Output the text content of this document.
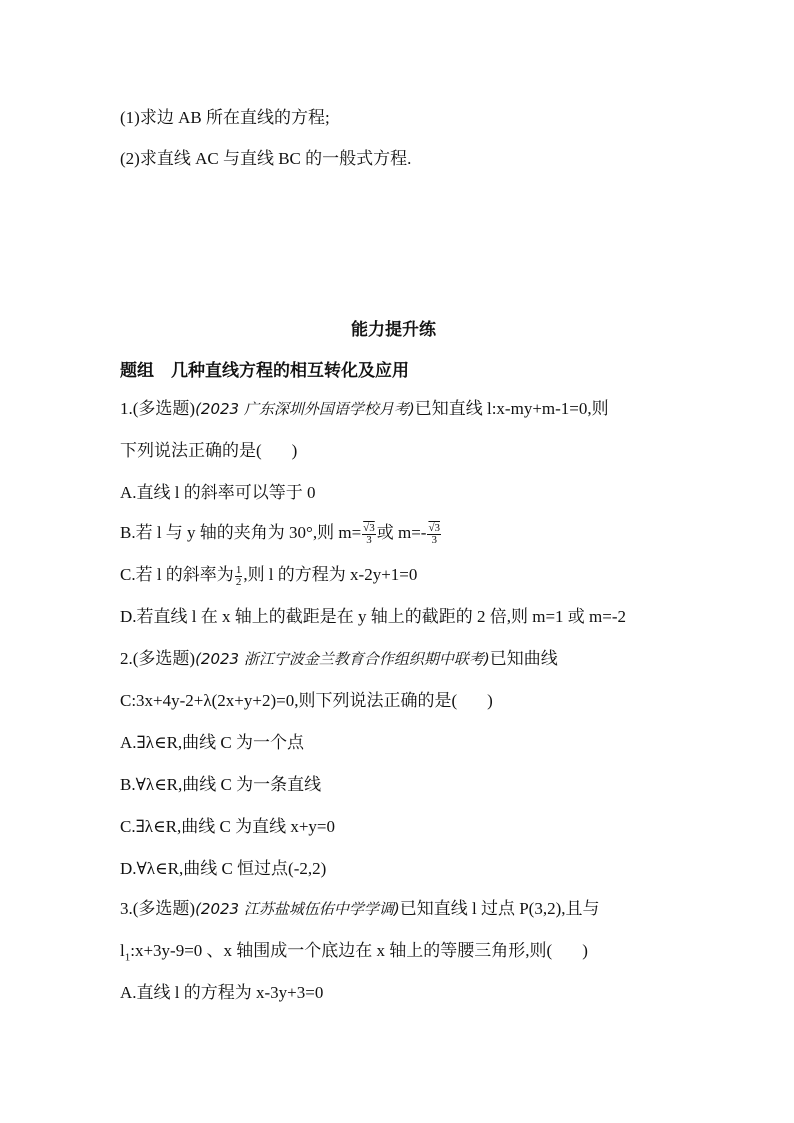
(1)求边 AB 所在直线的方程;
(2)求直线 AC 与直线 BC 的一般式方程.
能力提升练
题组　几种直线方程的相互转化及应用
1.(多选题)(2023 广东深圳外国语学校月考)已知直线 l:x-my+m-1=0,则
下列说法正确的是( )
A.直线 l 的斜率可以等于 0
B.若 l 与 y 轴的夹角为 30°,则 $m= \frac{√3}{3}$ 或 $m=- \frac{√3}{3}$
C.若 l 的斜率为 $\frac{1}{2}$ ,则 l 的方程为 x-2y+1=0
D.若直线 l 在 x 轴上的截距是在 y 轴上的截距的 2 倍,则 m=1 或 m=-2
2.(多选题)(2023 浙江宁波金兰教育合作组织期中联考)已知曲线
C:3x+4y-2+λ(2x+y+2)=0,则下列说法正确的是( )
A.∃λ∈R,曲线 C 为一个点
B.∀λ∈R,曲线 C 为一条直线
C.∃λ∈R,曲线 C 为直线 x+y=0
D.∀λ∈R,曲线 C 恒过点(-2,2)
3.(多选题)(2023 江苏盐城伍佑中学学调)已知直线 l 过点 P(3,2),且与
$l_1:x+3y-9=0$ 、x 轴围成一个底边在 x 轴上的等腰三角形,则( )
A.直线 l 的方程为 x-3y+3=0
